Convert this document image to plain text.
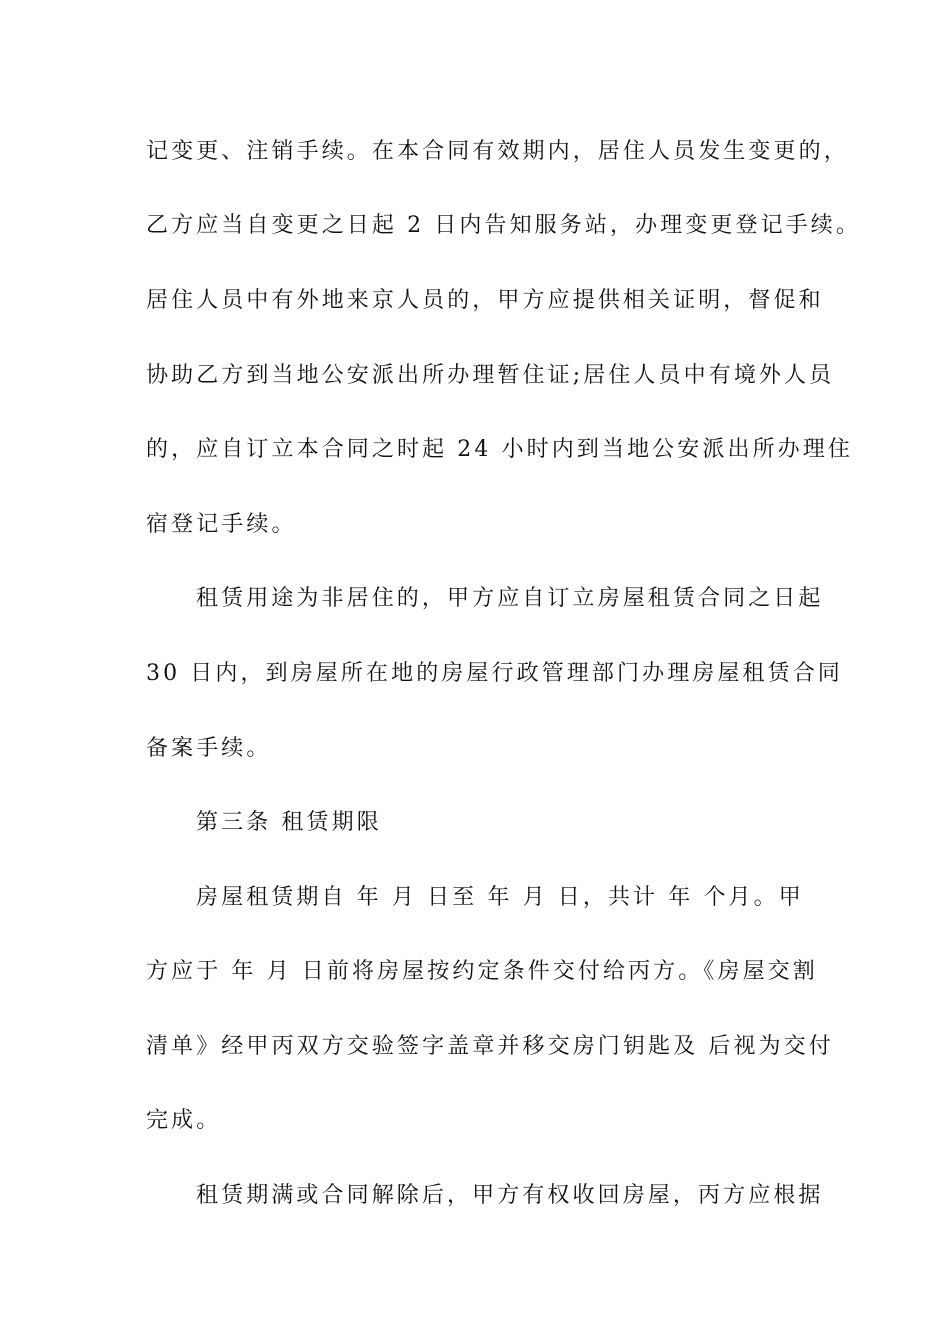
记变更、注销手续。在本合同有效期内，居住人员发生变更的，
乙方应当自变更之日起 2 日内告知服务站，办理变更登记手续。
居住人员中有外地来京人员的，甲方应提供相关证明，督促和
协助乙方到当地公安派出所办理暂住证;居住人员中有境外人员
的，应自订立本合同之时起 24 小时内到当地公安派出所办理住
宿登记手续。
租赁用途为非居住的，甲方应自订立房屋租赁合同之日起
30 日内，到房屋所在地的房屋行政管理部门办理房屋租赁合同
备案手续。
第三条 租赁期限
房屋租赁期自 年 月 日至 年 月 日，共计 年 个月。甲
方应于 年 月 日前将房屋按约定条件交付给丙方。《房屋交割
清单》经甲丙双方交验签字盖章并移交房门钥匙及 后视为交付
完成。
租赁期满或合同解除后，甲方有权收回房屋，丙方应根据
